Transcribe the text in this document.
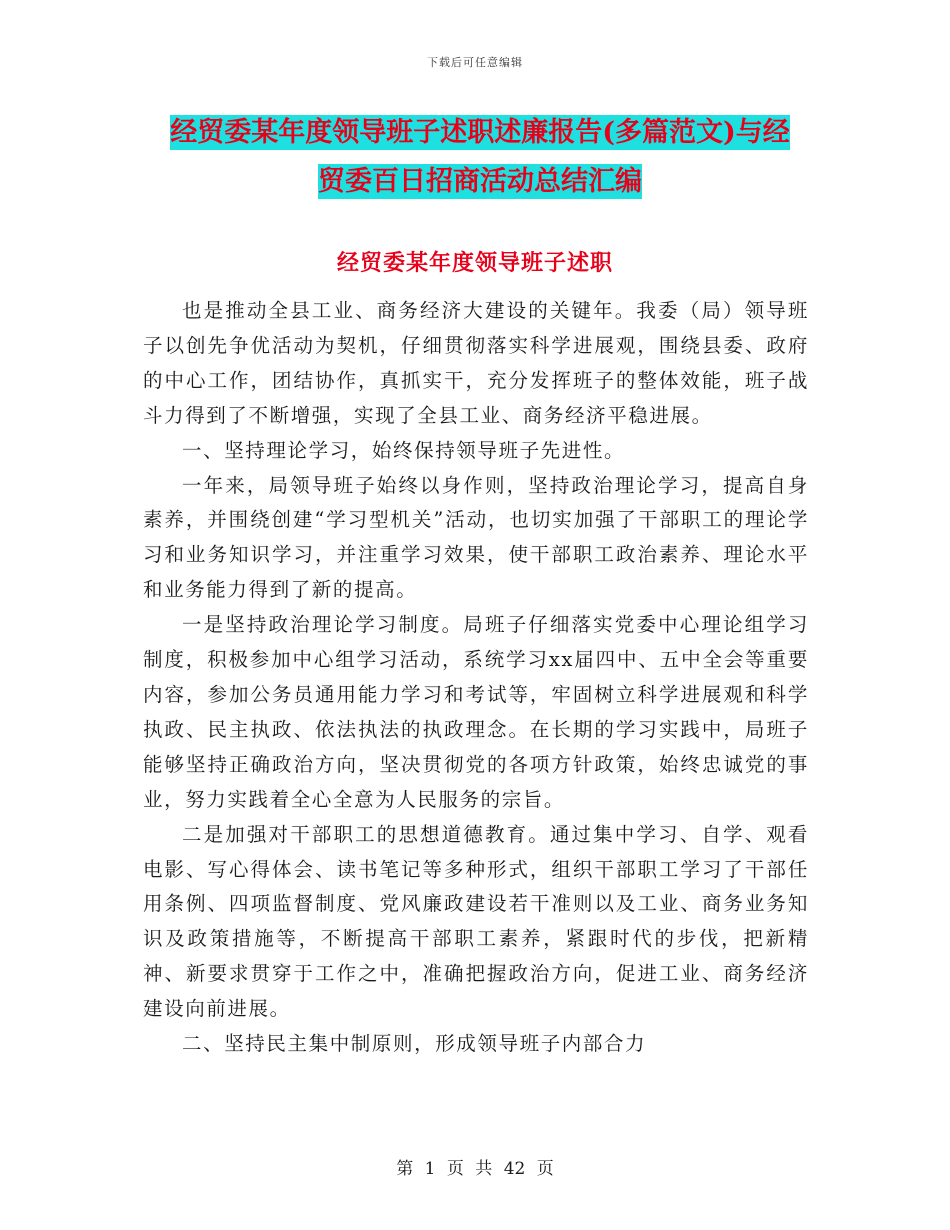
下载后可任意编辑
经贸委某年度领导班子述职述廉报告(多篇范文)与经
贸委百日招商活动总结汇编
经贸委某年度领导班子述职

也是推动全县工业、商务经济大建设的关键年。我委（局）领导班子以创先争优活动为契机，仔细贯彻落实科学进展观，围绕县委、政府的中心工作，团结协作，真抓实干，充分发挥班子的整体效能，班子战斗力得到了不断增强，实现了全县工业、商务经济平稳进展。

一、坚持理论学习，始终保持领导班子先进性。

一年来，局领导班子始终以身作则，坚持政治理论学习，提高自身素养，并围绕创建“学习型机关”活动，也切实加强了干部职工的理论学习和业务知识学习，并注重学习效果，使干部职工政治素养、理论水平和业务能力得到了新的提高。

一是坚持政治理论学习制度。局班子仔细落实党委中心理论组学习制度，积极参加中心组学习活动，系统学习xx届四中、五中全会等重要内容，参加公务员通用能力学习和考试等，牢固树立科学进展观和科学执政、民主执政、依法执法的执政理念。在长期的学习实践中，局班子能够坚持正确政治方向，坚决贯彻党的各项方针政策，始终忠诚党的事业，努力实践着全心全意为人民服务的宗旨。

二是加强对干部职工的思想道德教育。通过集中学习、自学、观看电影、写心得体会、读书笔记等多种形式，组织干部职工学习了干部任用条例、四项监督制度、党风廉政建设若干准则以及工业、商务业务知识及政策措施等，不断提高干部职工素养，紧跟时代的步伐，把新精神、新要求贯穿于工作之中，准确把握政治方向，促进工业、商务经济建设向前进展。

二、坚持民主集中制原则，形成领导班子内部合力

第 1 页 共 42 页
